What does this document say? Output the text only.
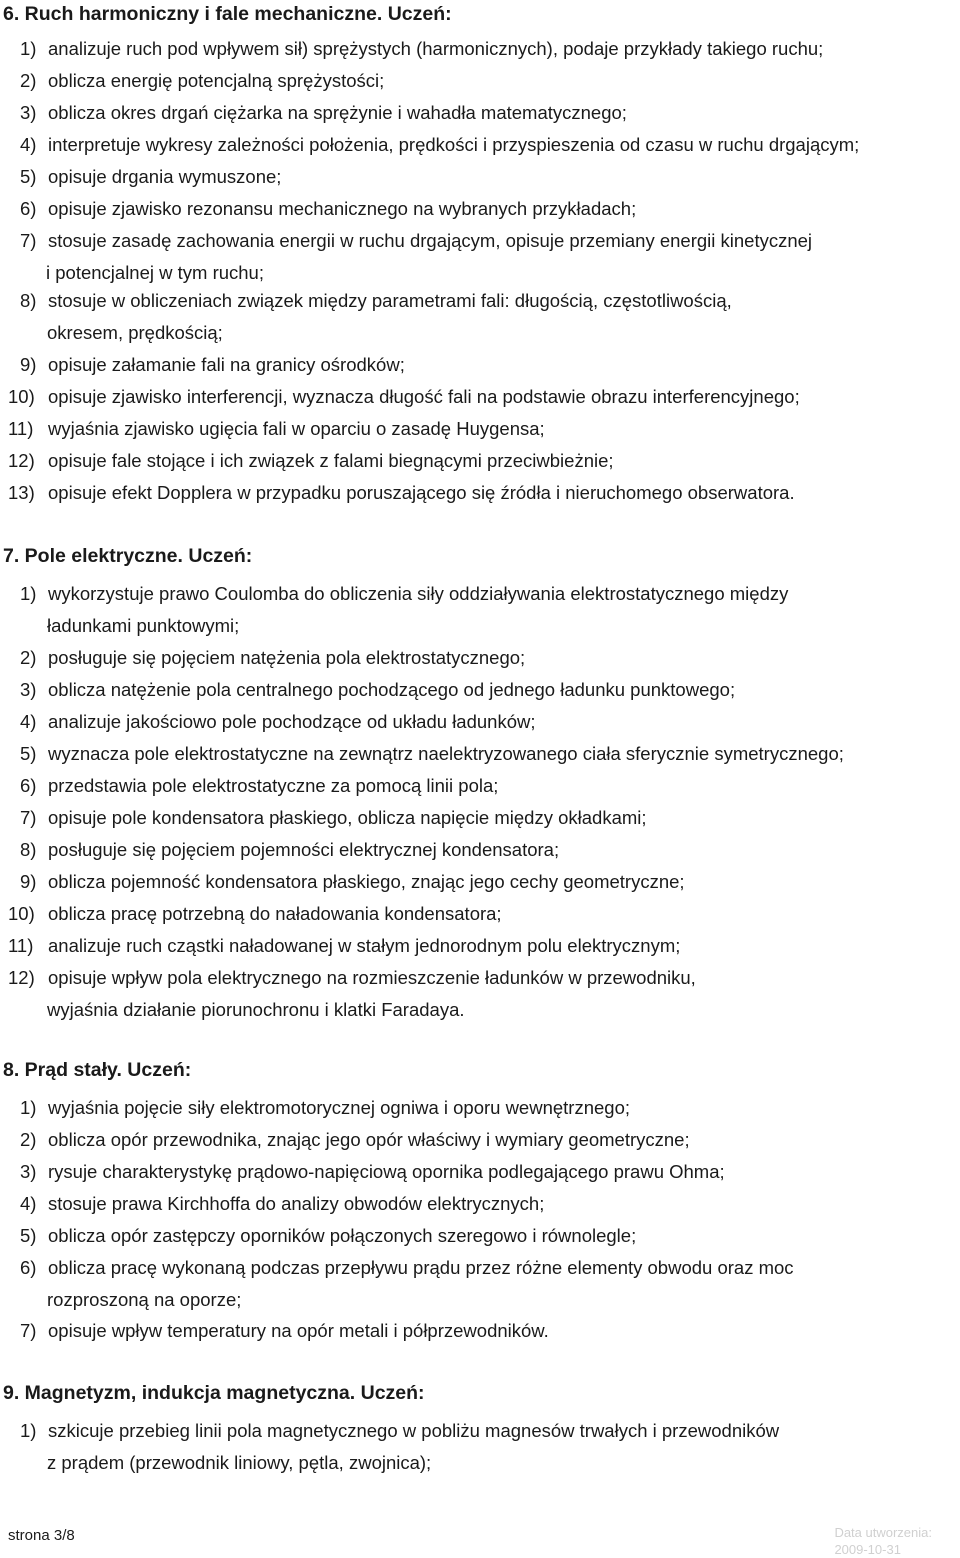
6. Ruch harmoniczny i fale mechaniczne. Uczeń:
1) analizuje ruch pod wpływem sił) sprężystych (harmonicznych), podaje przykłady takiego ruchu;
2) oblicza energię potencjalną sprężystości;
3) oblicza okres drgań ciężarka na sprężynie i wahadła matematycznego;
4) interpretuje wykresy zależności położenia, prędkości i przyspieszenia od czasu w ruchu drgającym;
5) opisuje drgania wymuszone;
6) opisuje zjawisko rezonansu mechanicznego na wybranych przykładach;
7) stosuje zasadę zachowania energii w ruchu drgającym, opisuje przemiany energii kinetycznej
i potencjalnej w tym ruchu;
8) stosuje w obliczeniach związek między parametrami fali: długością, częstotliwością,
okresem, prędkością;
9) opisuje załamanie fali na granicy ośrodków;
10) opisuje zjawisko interferencji, wyznacza długość fali na podstawie obrazu interferencyjnego;
11) wyjaśnia zjawisko ugięcia fali w oparciu o zasadę Huygensa;
12) opisuje fale stojące i ich związek z falami biegnącymi przeciwbieżnie;
13) opisuje efekt Dopplera w przypadku poruszającego się źródła i nieruchomego obserwatora.
7. Pole elektryczne. Uczeń:
1) wykorzystuje prawo Coulomba do obliczenia siły oddziaływania elektrostatycznego między
ładunkami punktowymi;
2) posługuje się pojęciem natężenia pola elektrostatycznego;
3) oblicza natężenie pola centralnego pochodzącego od jednego ładunku punktowego;
4) analizuje jakościowo pole pochodzące od układu ładunków;
5) wyznacza pole elektrostatyczne na zewnątrz naelektryzowanego ciała sferycznie symetrycznego;
6) przedstawia pole elektrostatyczne za pomocą linii pola;
7) opisuje pole kondensatora płaskiego, oblicza napięcie między okładkami;
8) posługuje się pojęciem pojemności elektrycznej kondensatora;
9) oblicza pojemność kondensatora płaskiego, znając jego cechy geometryczne;
10) oblicza pracę potrzebną do naładowania kondensatora;
11) analizuje ruch cząstki naładowanej w stałym jednorodnym polu elektrycznym;
12) opisuje wpływ pola elektrycznego na rozmieszczenie ładunków w przewodniku,
wyjaśnia działanie piorunochronu i klatki Faradaya.
8. Prąd stały. Uczeń:
1) wyjaśnia pojęcie siły elektromotorycznej ogniwa i oporu wewnętrznego;
2) oblicza opór przewodnika, znając jego opór właściwy i wymiary geometryczne;
3) rysuje charakterystykę prądowo-napięciową opornika podlegającego prawu Ohma;
4) stosuje prawa Kirchhoffa do analizy obwodów elektrycznych;
5) oblicza opór zastępczy oporników połączonych szeregowo i równolegle;
6) oblicza pracę wykonaną podczas przepływu prądu przez różne elementy obwodu oraz moc
rozproszoną na oporze;
7) opisuje wpływ temperatury na opór metali i półprzewodników.
9. Magnetyzm, indukcja magnetyczna. Uczeń:
1) szkicuje przebieg linii pola magnetycznego w pobliżu magnesów trwałych i przewodników
z prądem (przewodnik liniowy, pętla, zwojnica);
strona 3/8	Data utworzenia:
2009-10-31
